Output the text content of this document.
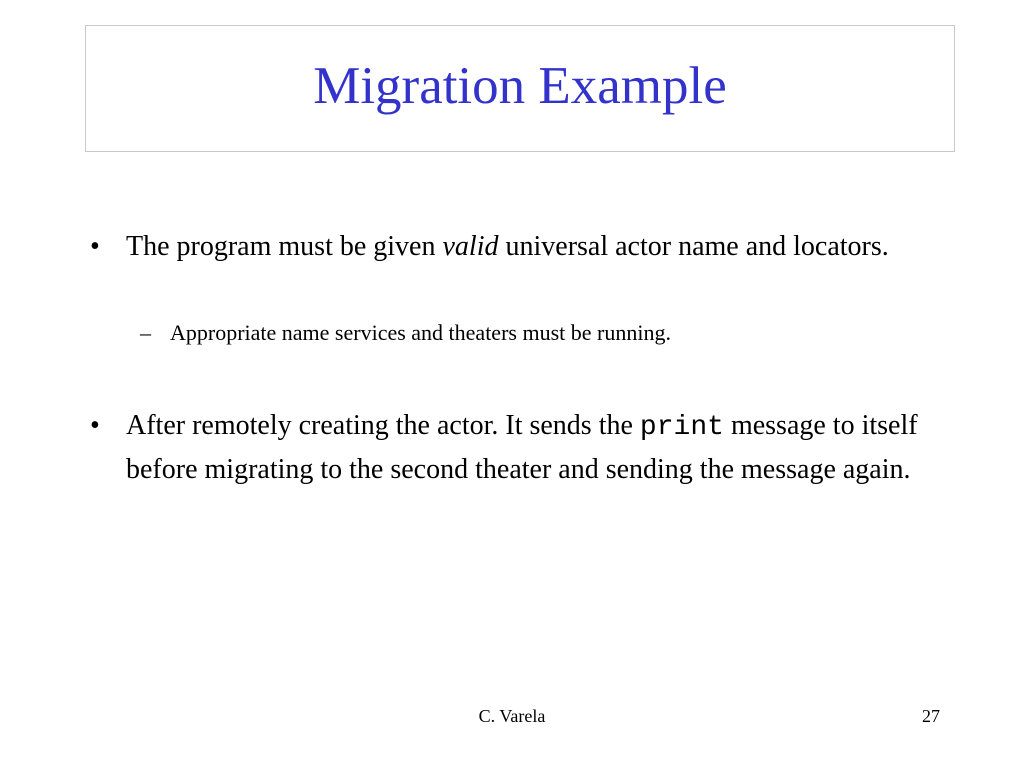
Migration Example
• The program must be given valid universal actor name and locators.
– Appropriate name services and theaters must be running.
• After remotely creating the actor. It sends the print message to itself before migrating to the second theater and sending the message again.
C. Varela	27
